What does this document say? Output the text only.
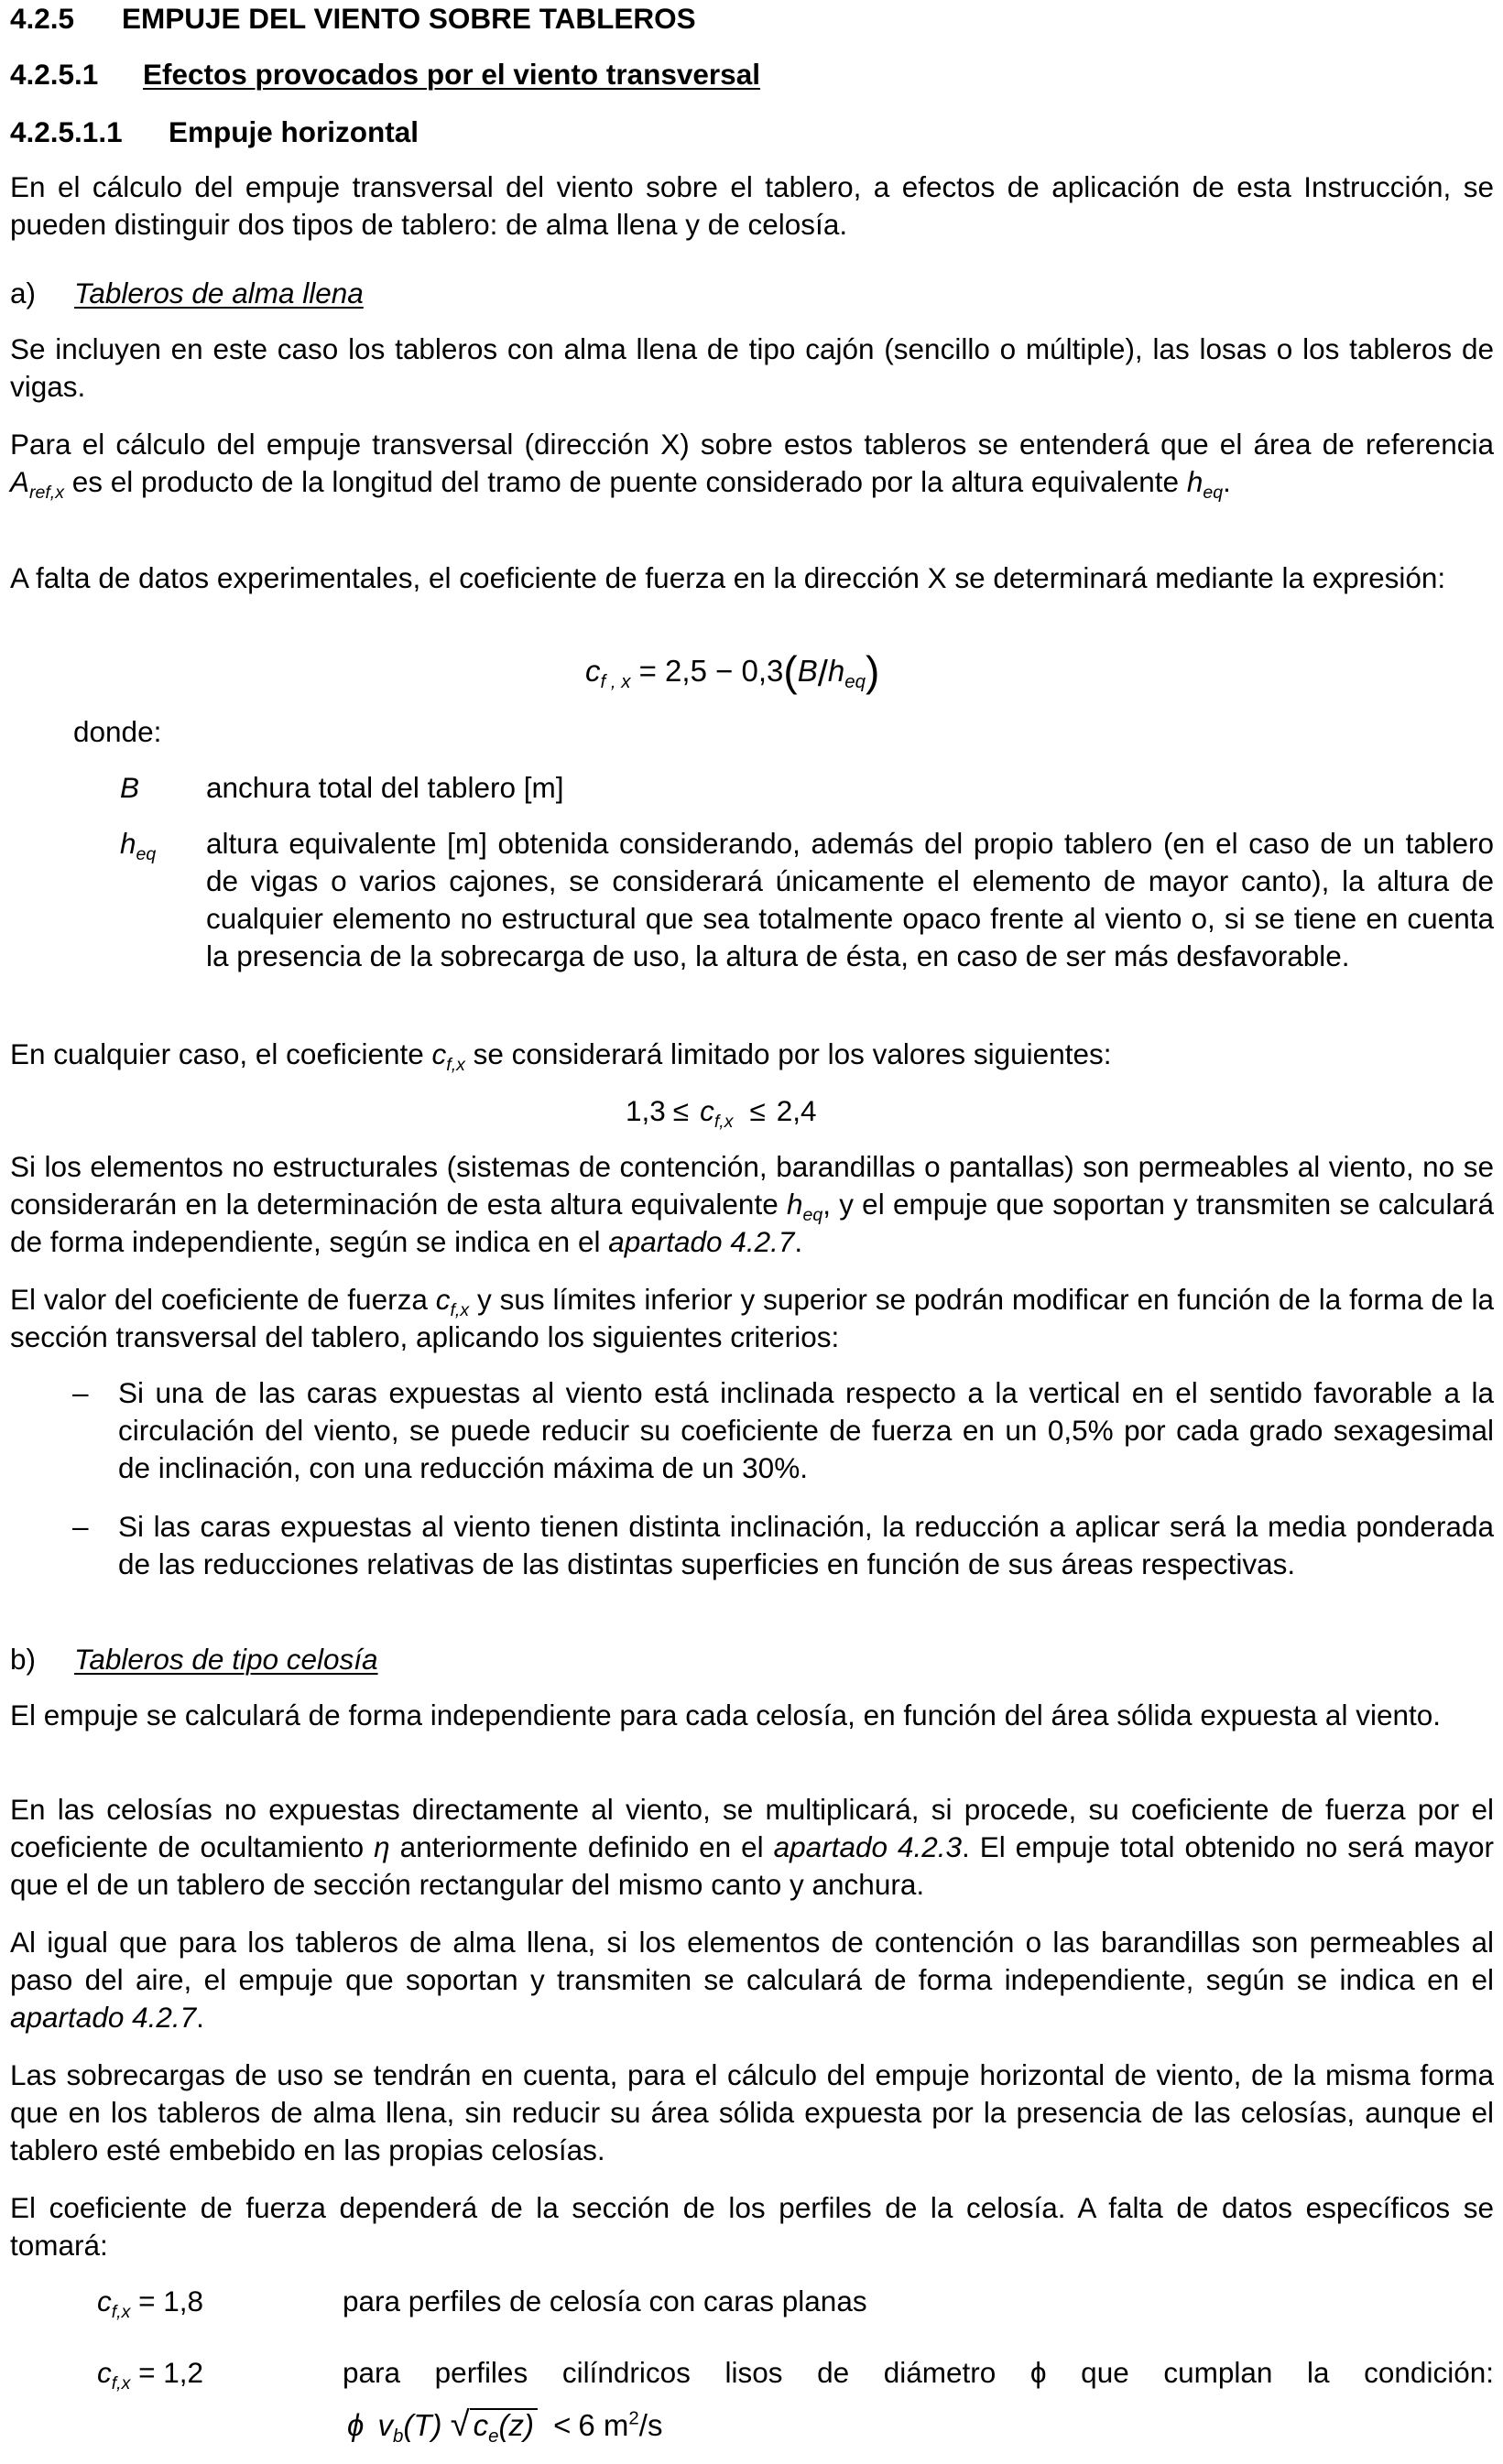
4.2.5 EMPUJE DEL VIENTO SOBRE TABLEROS
4.2.5.1 Efectos provocados por el viento transversal
4.2.5.1.1 Empuje horizontal

En el cálculo del empuje transversal del viento sobre el tablero, a efectos de aplicación de esta Instrucción, se pueden distinguir dos tipos de tablero: de alma llena y de celosía.

a) Tableros de alma llena

Se incluyen en este caso los tableros con alma llena de tipo cajón (sencillo o múltiple), las losas o los tableros de vigas.

Para el cálculo del empuje transversal (dirección X) sobre estos tableros se entenderá que el área de referencia $A_{ref,x}$ es el producto de la longitud del tramo de puente considerado por la altura equivalente $h_{eq}$.

A falta de datos experimentales, el coeficiente de fuerza en la dirección X se determinará mediante la expresión:

$c_{f , x} = 2,5 - 0,3(B/h_{eq})$
donde:
B anchura total del tablero [m]
$h_{eq}$ altura equivalente [m] obtenida considerando, además del propio tablero (en el caso de un tablero de vigas o varios cajones, se considerará únicamente el elemento de mayor canto), la altura de cualquier elemento no estructural que sea totalmente opaco frente al viento o, si se tiene en cuenta la presencia de la sobrecarga de uso, la altura de ésta, en caso de ser más desfavorable.

En cualquier caso, el coeficiente $c_{f,x}$ se considerará limitado por los valores siguientes:

$1,3 \le c_{f,x} \le 2,4$

Si los elementos no estructurales (sistemas de contención, barandillas o pantallas) son permeables al viento, no se considerarán en la determinación de esta altura equivalente $h_{eq}$, y el empuje que soportan y transmiten se calculará de forma independiente, según se indica en el apartado 4.2.7.

El valor del coeficiente de fuerza $c_{f,x}$ y sus límites inferior y superior se podrán modificar en función de la forma de la sección transversal del tablero, aplicando los siguientes criterios:

– Si una de las caras expuestas al viento está inclinada respecto a la vertical en el sentido favorable a la circulación del viento, se puede reducir su coeficiente de fuerza en un 0,5% por cada grado sexagesimal de inclinación, con una reducción máxima de un 30%.
– Si las caras expuestas al viento tienen distinta inclinación, la reducción a aplicar será la media ponderada de las reducciones relativas de las distintas superficies en función de sus áreas respectivas.
b) Tableros de tipo celosía

El empuje se calculará de forma independiente para cada celosía, en función del área sólida expuesta al viento.

En las celosías no expuestas directamente al viento, se multiplicará, si procede, su coeficiente de fuerza por el coeficiente de ocultamiento η anteriormente definido en el apartado 4.2.3. El empuje total obtenido no será mayor que el de un tablero de sección rectangular del mismo canto y anchura.

Al igual que para los tableros de alma llena, si los elementos de contención o las barandillas son permeables al paso del aire, el empuje que soportan y transmiten se calculará de forma independiente, según se indica en el apartado 4.2.7.

Las sobrecargas de uso se tendrán en cuenta, para el cálculo del empuje horizontal de viento, de la misma forma que en los tableros de alma llena, sin reducir su área sólida expuesta por la presencia de las celosías, aunque el tablero esté embebido en las propias celosías.

El coeficiente de fuerza dependerá de la sección de los perfiles de la celosía. A falta de datos específicos se tomará:

$c_{f,x} = 1,8$	para perfiles de celosía con caras planas
$c_{f,x} = 1,2$	para perfiles cilíndricos lisos de diámetro ϕ que cumplan la condición:
ϕ $v_b(T)$ √ $c_e(z) < 6$ $m^2/s$
